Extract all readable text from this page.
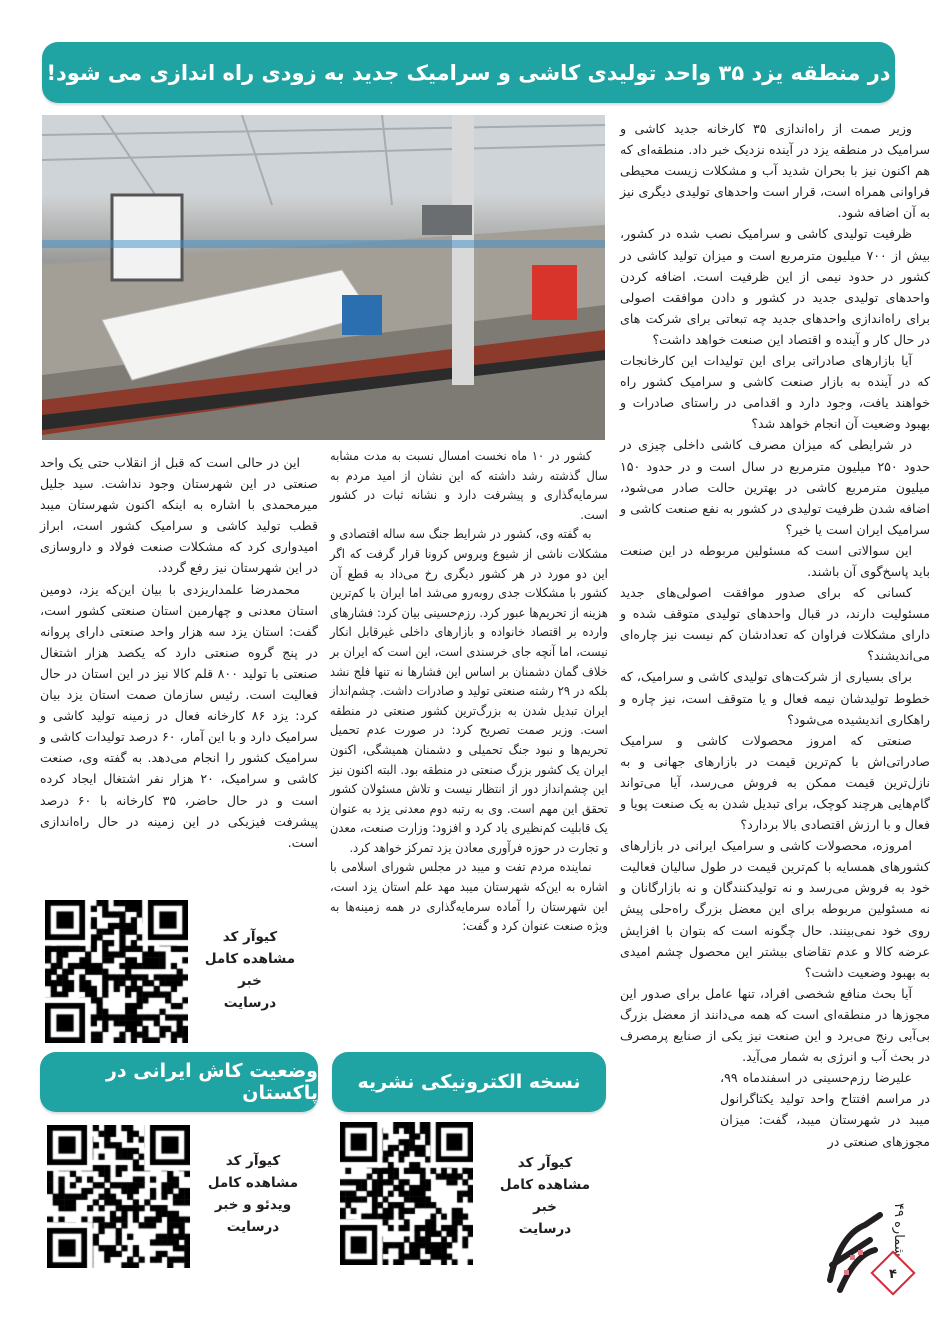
در منطقه یزد ۳۵ واحد تولیدی کاشی و سرامیک جدید به زودی راه اندازی می شود!

وزیر صمت از راه‌اندازی ۳۵ کارخانه جدید کاشی و سرامیک در منطقه یزد در آینده نزدیک خبر داد. منطقه‌ای که هم اکنون نیز با بحران شدید آب و مشکلات زیست محیطی فراوانی همراه است، قرار است واحدهای تولیدی دیگری نیز به آن اضافه شود.

ظرفیت تولیدی کاشی و سرامیک نصب شده در کشور، بیش از ۷۰۰ میلیون مترمربع است و میزان تولید کاشی در کشور در حدود نیمی از این ظرفیت است. اضافه کردن واحدهای تولیدی جدید در کشور و دادن موافقت اصولی برای راه‌اندازی واحدهای جدید چه تبعاتی برای شرکت های در حال کار و آینده و اقتصاد این صنعت خواهد داشت؟

آیا بازارهای صادراتی برای این تولیدات این کارخانجات که در آینده به بازار صنعت کاشی و سرامیک کشور راه خواهند یافت، وجود دارد و اقدامی در راستای صادرات و بهبود وضعیت آن انجام خواهد شد؟

در شرایطی که میزان مصرف کاشی داخلی چیزی در حدود ۲۵۰ میلیون مترمربع در سال است و در حدود ۱۵۰ میلیون مترمربع کاشی در بهترین حالت صادر می‌شود، اضافه شدن ظرفیت تولیدی در کشور به نفع صنعت کاشی و سرامیک ایران است یا خیر؟

این سوالاتی است که مسئولین مربوطه در این صنعت باید پاسخ‌گوی آن باشند.

کسانی که برای صدور موافقت اصولی‌های جدید مسئولیت دارند، در قبال واحدهای تولیدی متوقف شده و دارای مشکلات فراوان که تعدادشان کم نیست نیز چاره‌ای می‌اندیشند؟

برای بسیاری از شرکت‌های تولیدی کاشی و سرامیک، که خطوط تولیدشان نیمه فعال و یا متوقف است، نیز چاره و راهکاری اندیشیده می‌شود؟

صنعتی که امروز محصولات کاشی و سرامیک صادراتی‌اش با کم‌ترین قیمت در بازارهای جهانی و به نازل‌ترین قیمت ممکن به فروش می‌رسد، آیا می‌تواند گام‌هایی هرچند کوچک، برای تبدیل شدن به یک صنعت پویا و فعال و با ارزش اقتصادی بالا بردارد؟

امروزه، محصولات کاشی و سرامیک ایرانی در بازارهای کشورهای همسایه با کم‌ترین قیمت در طول سالیان فعالیت خود به فروش می‌رسد و نه تولیدکنندگان و نه بازارگانان و نه مسئولین مربوطه برای این معضل بزرگ راه‌حلی پیش روی خود نمی‌بینند. حال چگونه است که بتوان با افزایش عرضه کالا و عدم تقاضای بیشتر این محصول چشم امیدی به بهبود وضعیت داشت؟

آیا بحث منافع شخصی افراد، تنها عامل برای صدور این مجوزها در منطقه‌ای است که همه می‌دانند از معضل بزرگ بی‌آبی رنج می‌برد و این صنعت نیز یکی از صنایع پرمصرف در بحث آب و انرژی به شمار می‌آید.

علیرضا رزم‌حسینی در اسفندماه ۹۹، در مراسم افتتاح واحد تولید یکتاگرانول میبد در شهرستان میبد، گفت: میزان مجوزهای صنعتی در

کشور در ۱۰ ماه نخست امسال نسبت به مدت مشابه سال گذشته رشد داشته که این نشان از امید مردم به سرمایه‌گذاری و پیشرفت دارد و نشانه ثبات در کشور است.

به گفته وی، کشور در شرایط جنگ سه ساله اقتصادی و مشکلات ناشی از شیوع ویروس کرونا قرار گرفت که اگر این دو مورد در هر کشور دیگری رخ می‌داد به قطع آن کشور با مشکلات جدی روبه‌رو می‌شد اما ایران با کم‌ترین هزینه از تحریم‌ها عبور کرد. رزم‌حسینی بیان کرد: فشارهای وارده بر اقتصاد خانواده و بازارهای داخلی غیرقابل انکار نیست، اما آنچه جای خرسندی است، این است که ایران بر خلاف گمان دشمنان بر اساس این فشارها نه تنها فلج نشد بلکه در ۲۹ رشته صنعتی تولید و صادرات داشت. چشم‌انداز ایران تبدیل شدن به بزرگ‌ترین کشور صنعتی در منطقه است. وزیر صمت تصریح کرد: در صورت عدم تحمیل تحریم‌ها و نبود جنگ تحمیلی و دشمنان همیشگی، اکنون ایران یک کشور بزرگ صنعتی در منطقه بود. البته اکنون نیز این چشم‌انداز دور از انتظار نیست و تلاش مسئولان کشور تحقق این مهم است. وی به رتبه دوم معدنی یزد به عنوان یک قابلیت کم‌نظیری یاد کرد و افزود: وزارت صنعت، معدن و تجارت در حوزه فرآوری معادن یزد تمرکز خواهد کرد.

نماینده مردم تفت و میبد در مجلس شورای اسلامی با اشاره به این‌که شهرستان میبد مهد علم استان یزد است، این شهرستان را آماده سرمایه‌گذاری در همه زمینه‌ها به ویژه صنعت عنوان کرد و گفت:

این در حالی است که قبل از انقلاب حتی یک واحد صنعتی در این شهرستان وجود نداشت. سید جلیل میرمحمدی با اشاره به اینکه اکنون شهرستان میبد قطب تولید کاشی و سرامیک کشور است، ابراز امیدواری کرد که مشکلات صنعت فولاد و داروسازی در این شهرستان نیز رفع گردد.

محمدرضا علمداریزدی با بیان این‌که یزد، دومین استان معدنی و چهارمین استان صنعتی کشور است، گفت: استان یزد سه هزار واحد صنعتی دارای پروانه در پنج گروه صنعتی دارد که یکصد هزار اشتغال صنعتی با تولید ۸۰۰ قلم کالا نیز در این استان در حال فعالیت است. رئیس سازمان صمت استان یزد بیان کرد: یزد ۸۶ کارخانه فعال در زمینه تولید کاشی و سرامیک دارد و با این آمار، ۶۰ درصد تولیدات کاشی و سرامیک کشور را انجام می‌دهد. به گفته وی، صنعت کاشی و سرامیک، ۲۰ هزار نفر اشتغال ایجاد کرده است و در حال حاضر، ۳۵ کارخانه با ۶۰ درصد پیشرفت فیزیکی در این زمینه در حال راه‌اندازی است.

کیوآر کد
مشاهده کامل
خبر
درسایت
وضعیت کاش ایرانی در پاکستان نسخه الکترونیکی نشریه
کیوآر کد
مشاهده کامل
ویدئو و خبر
درسایت
کیوآر کد
مشاهده کامل
خبر
درسایت
شماره ۴۹
۴
